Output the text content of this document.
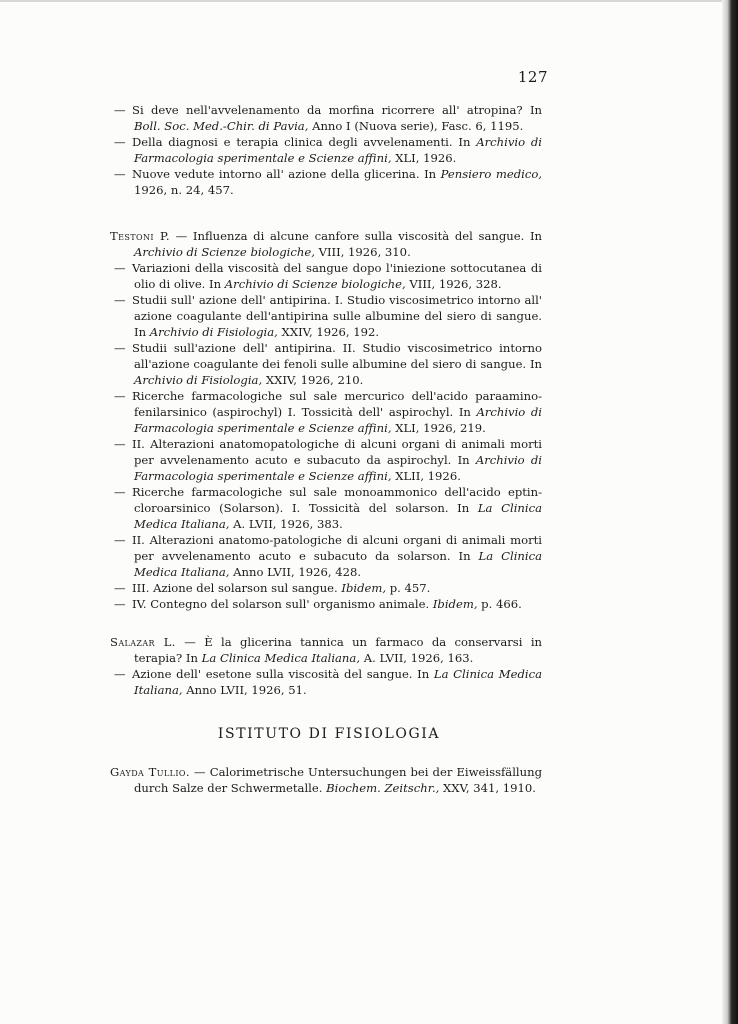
127

— Si deve nell'avvelenamento da morfina ricorrere all' atropina? In Boll. Soc. Med.-Chir. di Pavia, Anno I (Nuova serie), Fasc. 6, 1195.

— Della diagnosi e terapia clinica degli avvelenamenti. In Archivio di Farmacologia sperimentale e Scienze affini, XLI, 1926.

— Nuove vedute intorno all' azione della glicerina. In Pensiero medico, 1926, n. 24, 457.

Testoni P. — Influenza di alcune canfore sulla viscosità del sangue. In Archivio di Scienze biologiche, VIII, 1926, 310.

— Variazioni della viscosità del sangue dopo l'iniezione sottocutanea di olio di olive. In Archivio di Scienze biologiche, VIII, 1926, 328.

— Studii sull' azione dell' antipirina. I. Studio viscosimetrico intorno all' azione coagulante dell'antipirina sulle albumine del siero di sangue. In Archivio di Fisiologia, XXIV, 1926, 192.

— Studii sull'azione dell' antipirina. II. Studio viscosimetrico intorno all'azione coagulante dei fenoli sulle albumine del siero di sangue. In Archivio di Fisiologia, XXIV, 1926, 210.

— Ricerche farmacologiche sul sale mercurico dell'acido paraamino-fenilarsinico (aspirochyl) I. Tossicità dell' aspirochyl. In Archivio di Farmacologia sperimentale e Scienze affini, XLI, 1926, 219.

— II. Alterazioni anatomopatologiche di alcuni organi di animali morti per avvelenamento acuto e subacuto da aspirochyl. In Archivio di Farmacologia sperimentale e Scienze affini, XLII, 1926.

— Ricerche farmacologiche sul sale monoammonico dell'acido eptin-cloroarsinico (Solarson). I. Tossicità del solarson. In La Clinica Medica Italiana, A. LVII, 1926, 383.

— II. Alterazioni anatomo-patologiche di alcuni organi di animali morti per avvelenamento acuto e subacuto da solarson. In La Clinica Medica Italiana, Anno LVII, 1926, 428.

— III. Azione del solarson sul sangue. Ibidem, p. 457.

— IV. Contegno del solarson sull' organismo animale. Ibidem, p. 466.

Salazar L. — È la glicerina tannica un farmaco da conservarsi in terapia? In La Clinica Medica Italiana, A. LVII, 1926, 163.

— Azione dell' esetone sulla viscosità del sangue. In La Clinica Medica Italiana, Anno LVII, 1926, 51.

ISTITUTO DI FISIOLOGIA

Gayda Tullio. — Calorimetrische Untersuchungen bei der Eiweissfällung durch Salze der Schwermetalle. Biochem. Zeitschr., XXV, 341, 1910.
